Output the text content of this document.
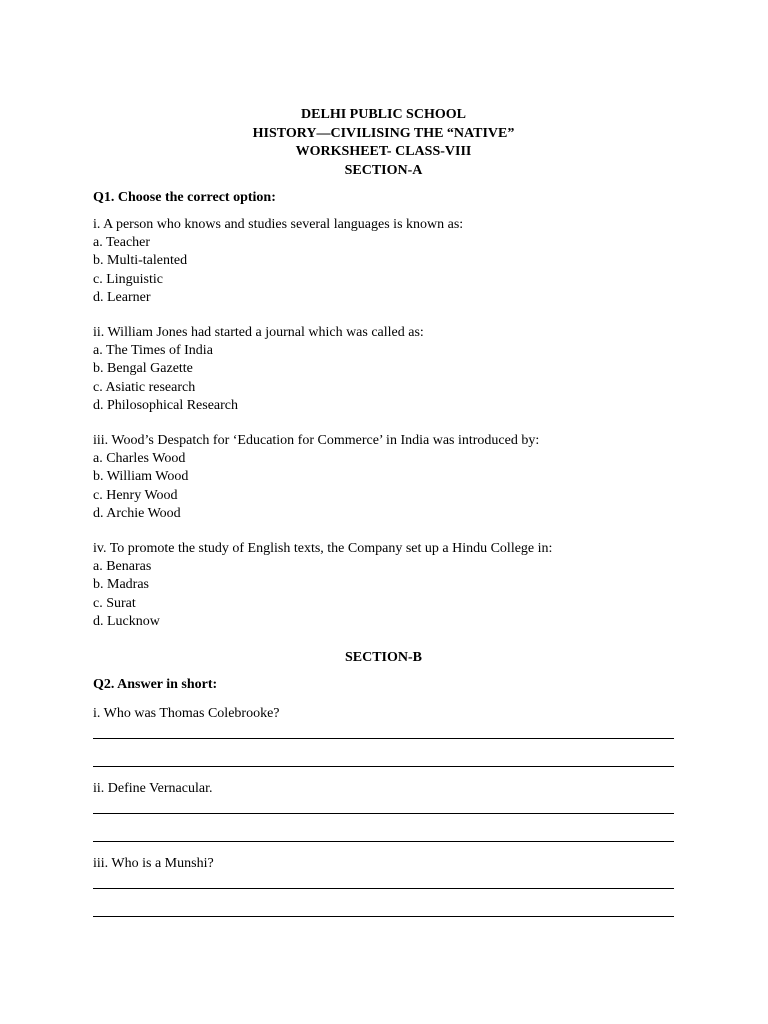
DELHI PUBLIC SCHOOL
HISTORY—CIVILISING THE “NATIVE”
WORKSHEET- CLASS-VIII
SECTION-A
Q1. Choose the correct option:
i. A person who knows and studies several languages is known as:
a. Teacher
b. Multi-talented
c. Linguistic
d. Learner
ii. William Jones had started a journal which was called as:
a. The Times of India
b. Bengal Gazette
c. Asiatic research
d. Philosophical Research
iii. Wood’s Despatch for ‘Education for Commerce’ in India was introduced by:
a. Charles Wood
b. William Wood
c. Henry Wood
d. Archie Wood
iv. To promote the study of English texts, the Company set up a Hindu College in:
a. Benaras
b. Madras
c. Surat
d. Lucknow
SECTION-B
Q2. Answer in short:
i. Who was Thomas Colebrooke?
ii. Define Vernacular.
iii. Who is a Munshi?
